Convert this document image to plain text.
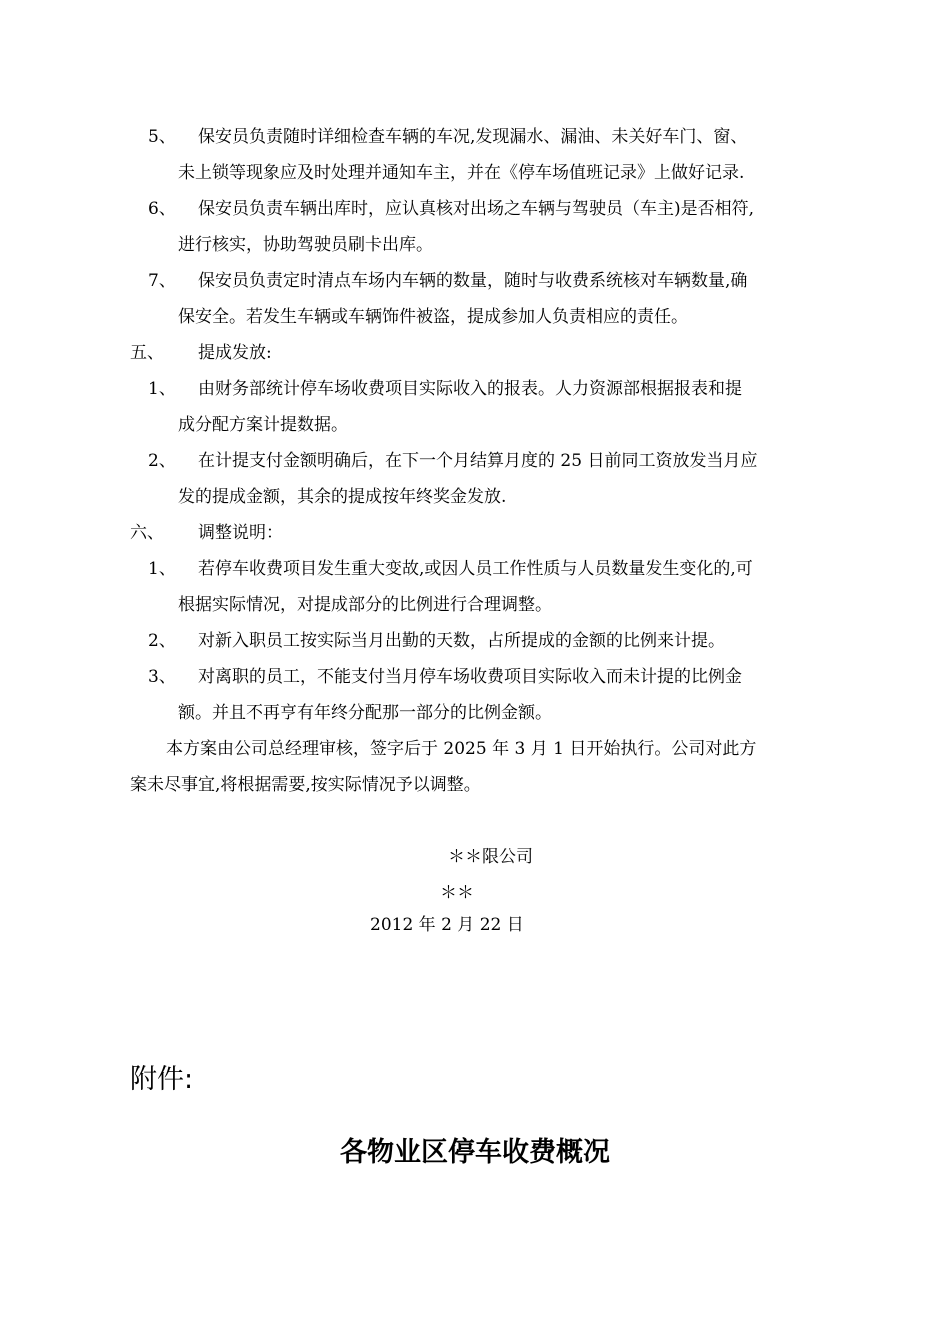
5、 保安员负责随时详细检查车辆的车况,发现漏水、漏油、未关好车门、窗、
未上锁等现象应及时处理并通知车主，并在《停车场值班记录》上做好记录.
6、 保安员负责车辆出库时，应认真核对出场之车辆与驾驶员（车主)是否相符,
进行核实，协助驾驶员刷卡出库。
7、 保安员负责定时清点车场内车辆的数量，随时与收费系统核对车辆数量,确
保安全。若发生车辆或车辆饰件被盗，提成参加人负责相应的责任。
五、 提成发放:
1、 由财务部统计停车场收费项目实际收入的报表。人力资源部根据报表和提
成分配方案计提数据。
2、 在计提支付金额明确后，在下一个月结算月度的 25 日前同工资放发当月应
发的提成金额，其余的提成按年终奖金发放.
六、 调整说明：
1、 若停车收费项目发生重大变故,或因人员工作性质与人员数量发生变化的,可
根据实际情况，对提成部分的比例进行合理调整。
2、 对新入职员工按实际当月出勤的天数，占所提成的金额的比例来计提。
3、 对离职的员工，不能支付当月停车场收费项目实际收入而未计提的比例金
额。并且不再亨有年终分配那一部分的比例金额。
本方案由公司总经理审核，签字后于 2025 年 3 月 1 日开始执行。公司对此方
案未尽事宜,将根据需要,按实际情况予以调整。
＊＊限公司
＊＊
2012 年 2 月 22 日
附件:
各物业区停车收费概况
